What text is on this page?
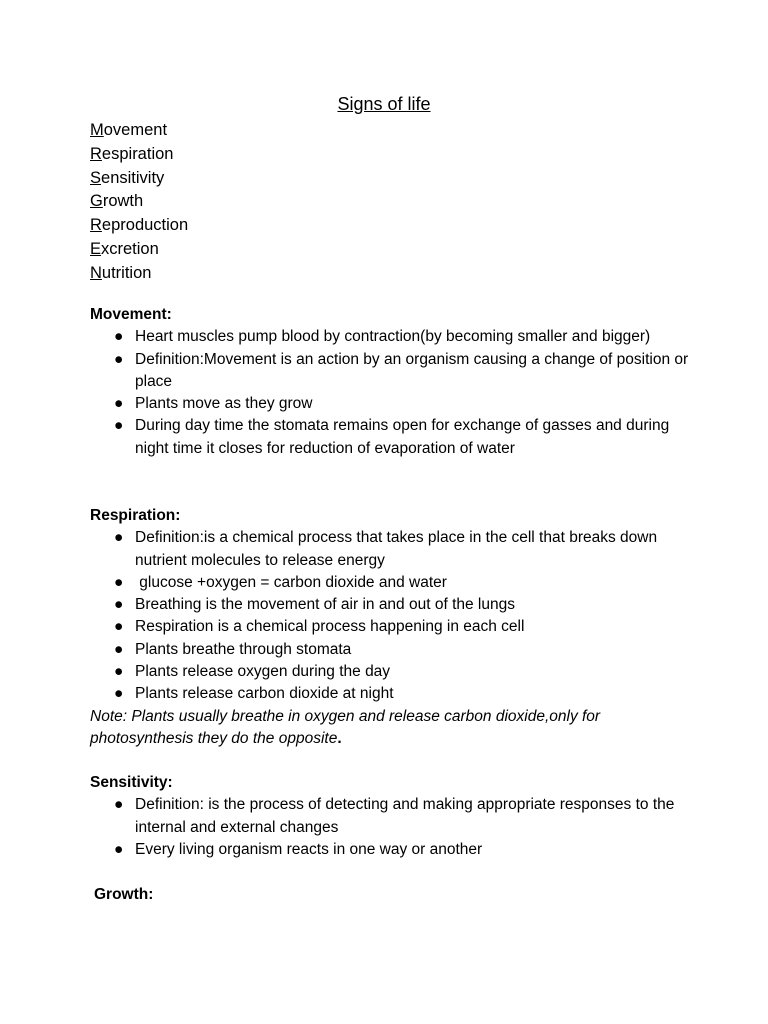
Signs of life
Movement
Respiration
Sensitivity
Growth
Reproduction
Excretion
Nutrition
Movement:
● Heart muscles pump blood by contraction(by becoming smaller and bigger)
● Definition:Movement is an action by an organism causing a change of position or place
● Plants move as they grow
● During day time the stomata remains open for exchange of gasses and during night time it closes for reduction of evaporation of water
Respiration:
● Definition:is a chemical process that takes place in the cell that breaks down nutrient molecules to release energy
● glucose +oxygen = carbon dioxide and water
● Breathing is the movement of air in and out of the lungs
● Respiration is a chemical process happening in each cell
● Plants breathe through stomata
● Plants release oxygen during the day
● Plants release carbon dioxide at night
Note: Plants usually breathe in oxygen and release carbon dioxide,only for photosynthesis they do the opposite.
Sensitivity:
● Definition: is the process of detecting and making appropriate responses to the internal and external changes
● Every living organism reacts in one way or another
Growth:
